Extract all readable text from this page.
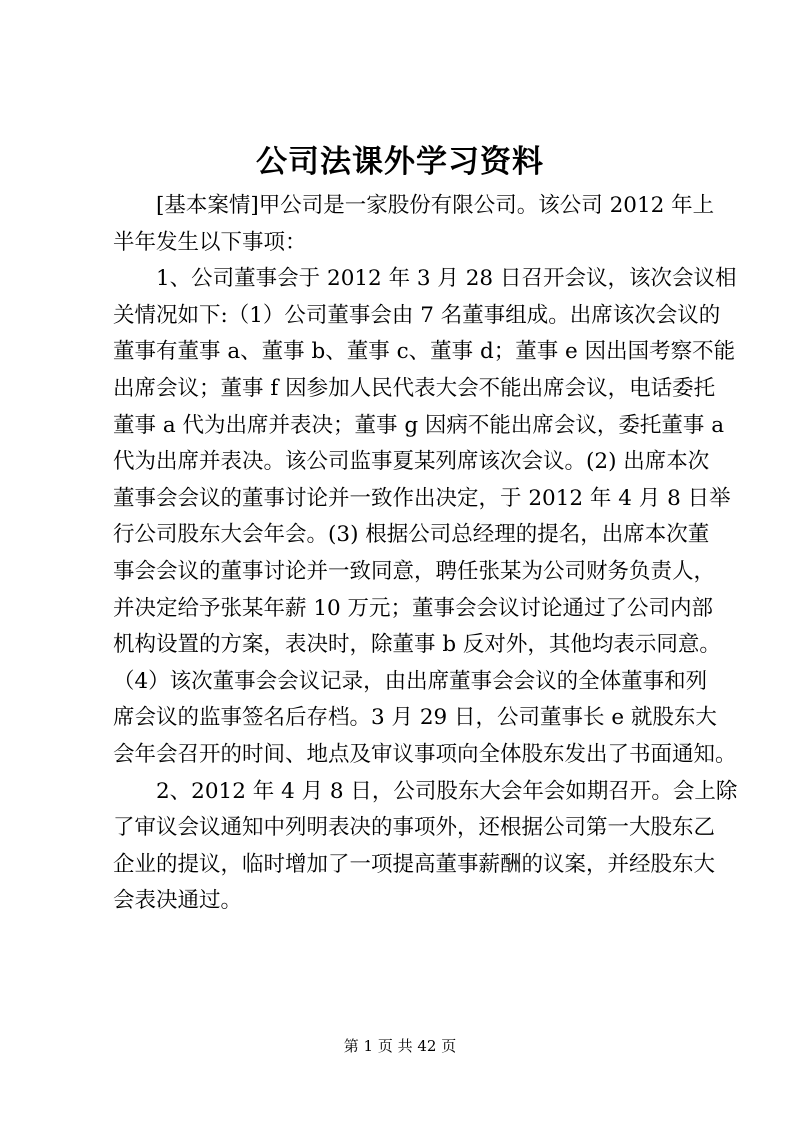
公司法课外学习资料
[基本案情]甲公司是一家股份有限公司。该公司 2012 年上
半年发生以下事项：
1、公司董事会于 2012 年 3 月 28 日召开会议，该次会议相
关情况如下:（1）公司董事会由 7 名董事组成。出席该次会议的
董事有董事 a、董事 b、董事 c、董事 d；董事 e 因出国考察不能
出席会议；董事 f 因参加人民代表大会不能出席会议，电话委托
董事 a 代为出席并表决；董事 g 因病不能出席会议，委托董事 a
代为出席并表决。该公司监事夏某列席该次会议。(2) 出席本次
董事会会议的董事讨论并一致作出决定，于 2012 年 4 月 8 日举
行公司股东大会年会。(3) 根据公司总经理的提名，出席本次董
事会会议的董事讨论并一致同意，聘任张某为公司财务负责人，
并决定给予张某年薪 10 万元；董事会会议讨论通过了公司内部
机构设置的方案，表决时，除董事 b 反对外，其他均表示同意。
（4）该次董事会会议记录，由出席董事会会议的全体董事和列
席会议的监事签名后存档。3 月 29 日，公司董事长 e 就股东大
会年会召开的时间、地点及审议事项向全体股东发出了书面通知。
2、2012 年 4 月 8 日，公司股东大会年会如期召开。会上除
了审议会议通知中列明表决的事项外，还根据公司第一大股东乙
企业的提议，临时增加了一项提高董事薪酬的议案，并经股东大
会表决通过。
第 1 页 共 42 页
